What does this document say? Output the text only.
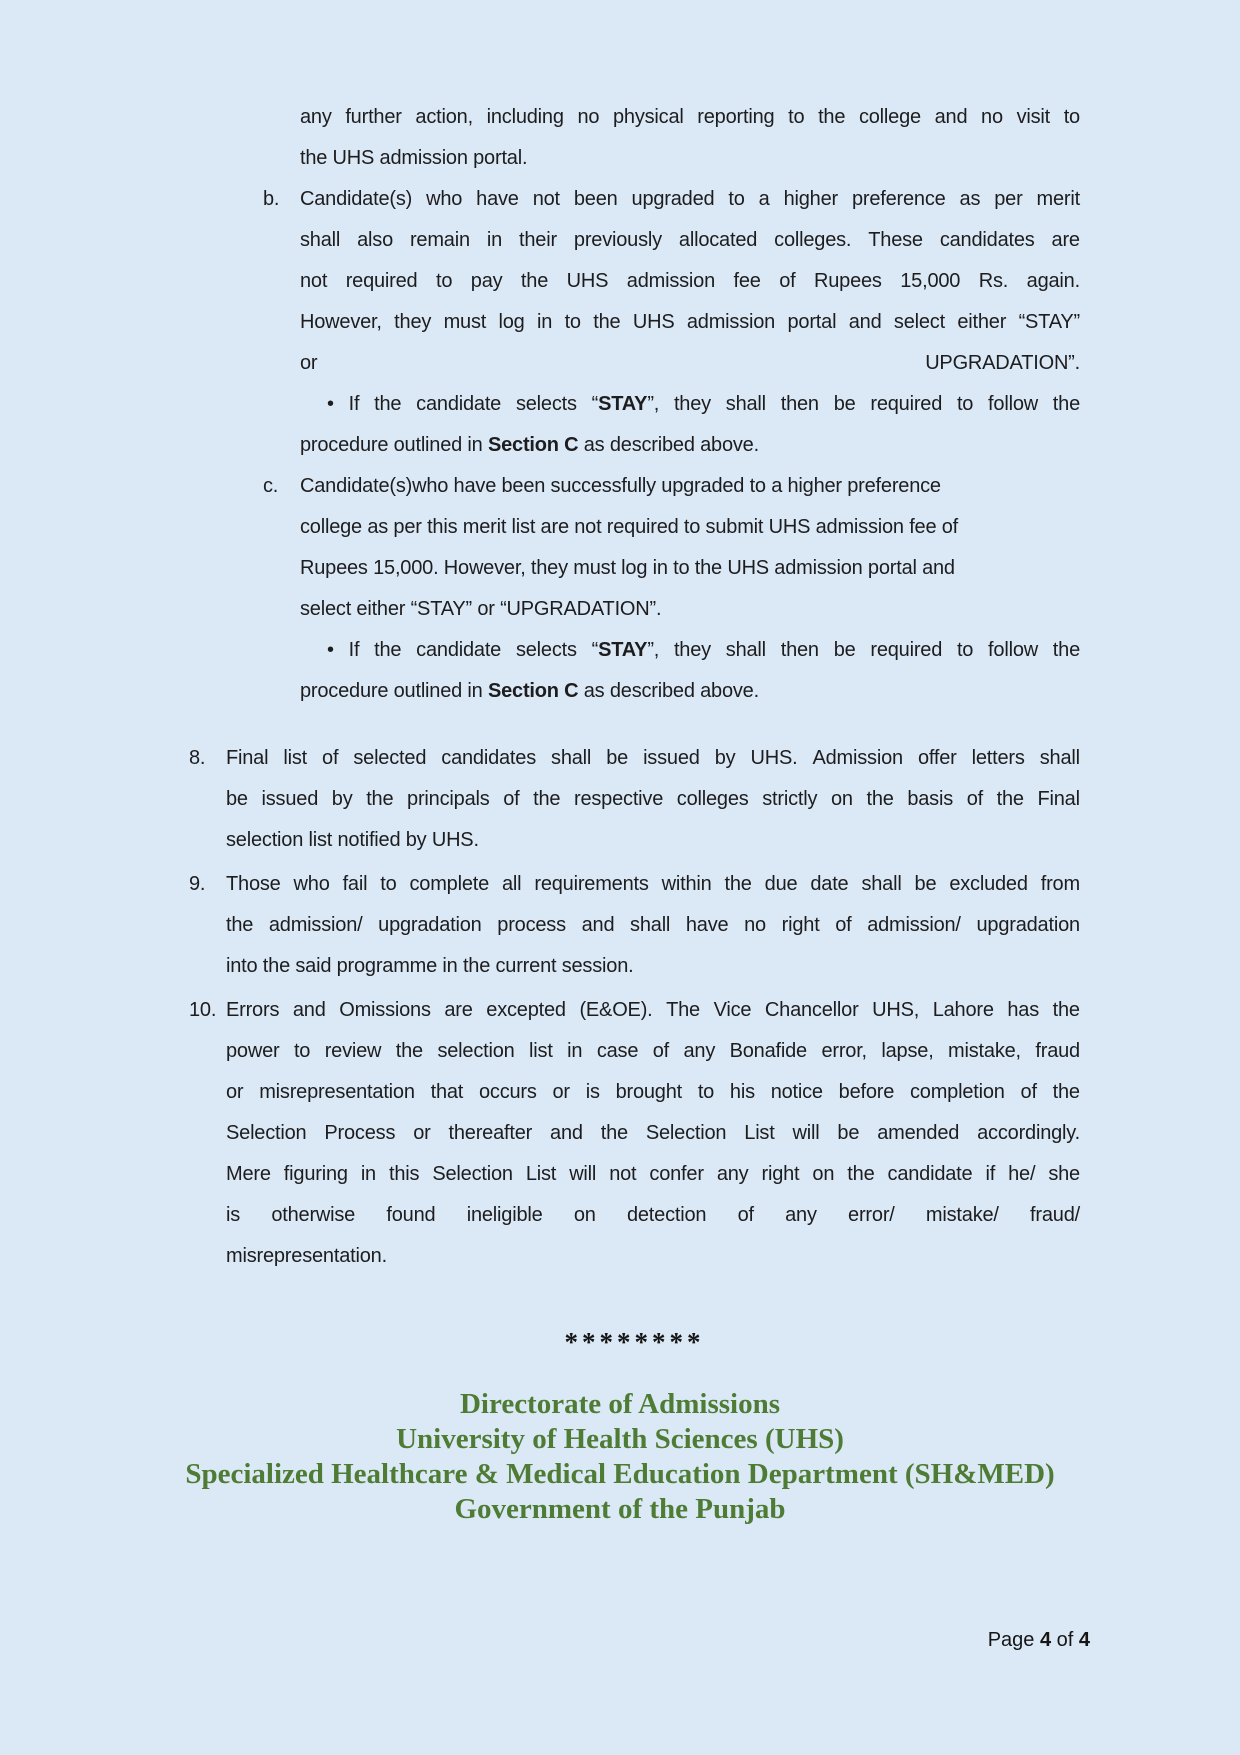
any further action, including no physical reporting to the college and no visit to
the UHS admission portal.
b. Candidate(s) who have not been upgraded to a higher preference as per merit
shall also remain in their previously allocated colleges. These candidates are
not required to pay the UHS admission fee of Rupees 15,000 Rs. again.
However, they must log in to the UHS admission portal and select either “STAY”
or	UPGRADATION”.
• If the candidate selects “STAY”, they shall then be required to follow the
procedure outlined in Section C as described above.
c. Candidate(s)who have been successfully upgraded to a higher preference
college as per this merit list are not required to submit UHS admission fee of
Rupees 15,000. However, they must log in to the UHS admission portal and
select either “STAY” or “UPGRADATION”.
• If the candidate selects “STAY”, they shall then be required to follow the
procedure outlined in Section C as described above.
8. Final list of selected candidates shall be issued by UHS. Admission offer letters shall
be issued by the principals of the respective colleges strictly on the basis of the Final
selection list notified by UHS.
9. Those who fail to complete all requirements within the due date shall be excluded from
the admission/ upgradation process and shall have no right of admission/ upgradation
into the said programme in the current session.
10. Errors and Omissions are excepted (E&OE). The Vice Chancellor UHS, Lahore has the
power to review the selection list in case of any Bonafide error, lapse, mistake, fraud
or misrepresentation that occurs or is brought to his notice before completion of the
Selection Process or thereafter and the Selection List will be amended accordingly.
Mere figuring in this Selection List will not confer any right on the candidate if he/ she
is otherwise found ineligible on detection of any error/ mistake/ fraud/
misrepresentation.
********
Directorate of Admissions
University of Health Sciences (UHS)
Specialized Healthcare & Medical Education Department (SH&MED)
Government of the Punjab
Page 4 of 4
